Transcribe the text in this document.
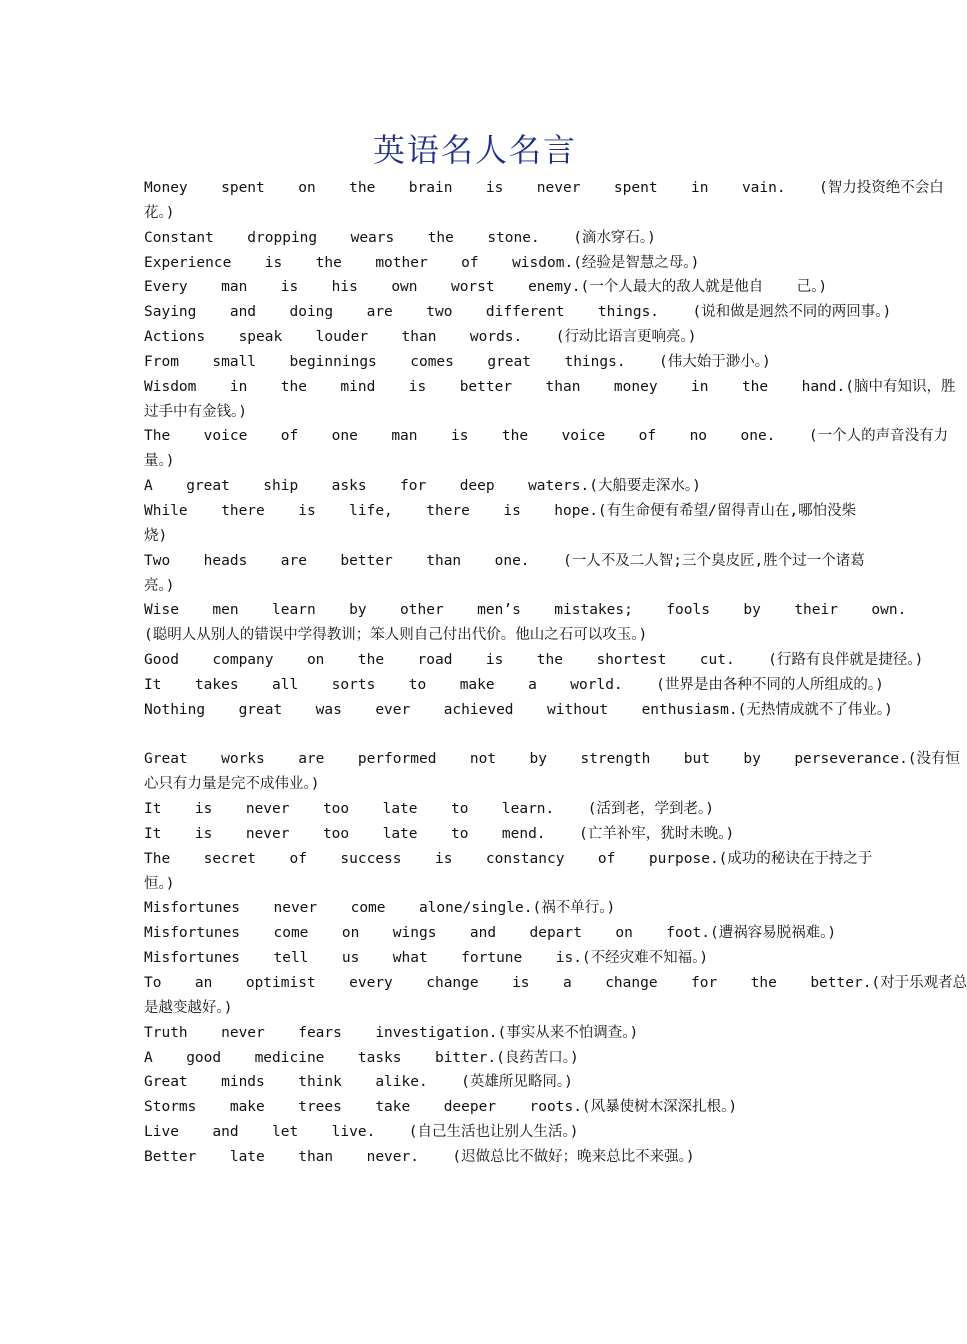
英语名人名言
Money  spent  on  the  brain  is  never  spent  in  vain.  (智力投资绝不会白
花。)
Constant  dropping  wears  the  stone.  (滴水穿石。)
Experience  is  the  mother  of  wisdom.(经验是智慧之母。)
Every  man  is  his  own  worst  enemy.(一个人最大的敌人就是他自  己。)
Saying  and  doing  are  two  different  things.  (说和做是迥然不同的两回事。)
Actions  speak  louder  than  words.  (行动比语言更响亮。)
From  small  beginnings  comes  great  things.  (伟大始于渺小。)
Wisdom  in  the  mind  is  better  than  money  in  the  hand.(脑中有知识，胜
过手中有金钱。)
The  voice  of  one  man  is  the  voice  of  no  one.  (一个人的声音没有力
量。)
A  great  ship  asks  for  deep  waters.(大船要走深水。)
While  there  is  life,  there  is  hope.(有生命便有希望/留得青山在,哪怕没柴
烧)
Two  heads  are  better  than  one.  (一人不及二人智;三个臭皮匠,胜个过一个诸葛
亮。)
Wise  men  learn  by  other  men’s  mistakes;  fools  by  their  own.
(聪明人从别人的错误中学得教训；笨人则自己付出代价。他山之石可以攻玉。)
Good  company  on  the  road  is  the  shortest  cut.  (行路有良伴就是捷径。)
It  takes  all  sorts  to  make  a  world.  (世界是由各种不同的人所组成的。)
Nothing  great  was  ever  achieved  without  enthusiasm.(无热情成就不了伟业。)
Great  works  are  performed  not  by  strength  but  by  perseverance.(没有恒
心只有力量是完不成伟业。)
It  is  never  too  late  to  learn.  (活到老，学到老。)
It  is  never  too  late  to  mend.  (亡羊补牢，犹时未晚。)
The  secret  of  success  is  constancy  of  purpose.(成功的秘诀在于持之于
恒。)
Misfortunes  never  come  alone/single.(祸不单行。)
Misfortunes  come  on  wings  and  depart  on  foot.(遭祸容易脱祸难。)
Misfortunes  tell  us  what  fortune  is.(不经灾难不知福。)
To  an  optimist  every  change  is  a  change  for  the  better.(对于乐观者总
是越变越好。)
Truth  never  fears  investigation.(事实从来不怕调查。)
A  good  medicine  tasks  bitter.(良药苦口。)
Great  minds  think  alike.  (英雄所见略同。)
Storms  make  trees  take  deeper  roots.(风暴使树木深深扎根。)
Live  and  let  live.  (自己生活也让别人生活。)
Better  late  than  never.  (迟做总比不做好；晚来总比不来强。)
